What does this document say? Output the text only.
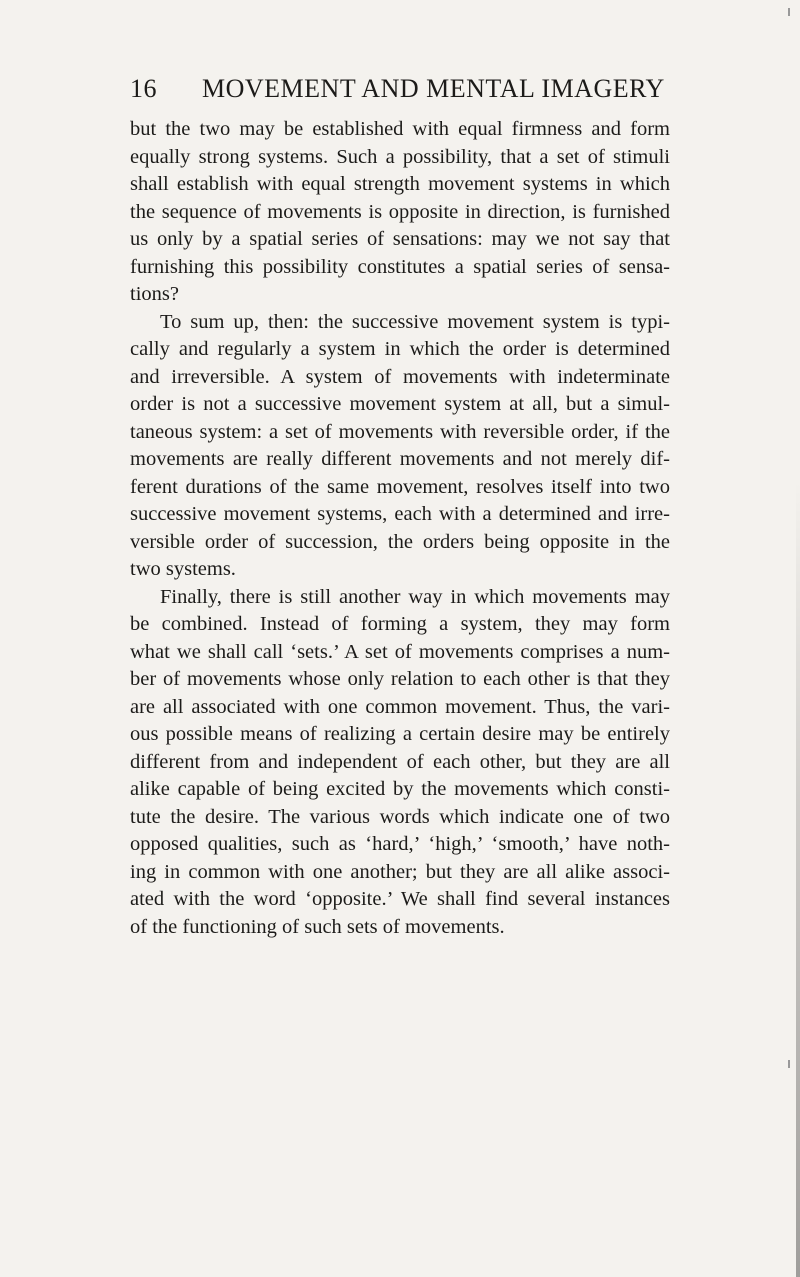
16 MOVEMENT AND MENTAL IMAGERY
but the two may be established with equal firmness and form
equally strong systems. Such a possibility, that a set of stimuli
shall establish with equal strength movement systems in which
the sequence of movements is opposite in direction, is furnished
us only by a spatial series of sensations: may we not say that
furnishing this possibility constitutes a spatial series of sensa-
tions?
To sum up, then: the successive movement system is typi-
cally and regularly a system in which the order is determined
and irreversible. A system of movements with indeterminate
order is not a successive movement system at all, but a simul-
taneous system: a set of movements with reversible order, if the
movements are really different movements and not merely dif-
ferent durations of the same movement, resolves itself into two
successive movement systems, each with a determined and irre-
versible order of succession, the orders being opposite in the
two systems.
Finally, there is still another way in which movements may
be combined. Instead of forming a system, they may form
what we shall call ‘sets.’ A set of movements comprises a num-
ber of movements whose only relation to each other is that they
are all associated with one common movement. Thus, the vari-
ous possible means of realizing a certain desire may be entirely
different from and independent of each other, but they are all
alike capable of being excited by the movements which consti-
tute the desire. The various words which indicate one of two
opposed qualities, such as ‘hard,’ ‘high,’ ‘smooth,’ have noth-
ing in common with one another; but they are all alike associ-
ated with the word ‘opposite.’ We shall find several instances
of the functioning of such sets of movements.
